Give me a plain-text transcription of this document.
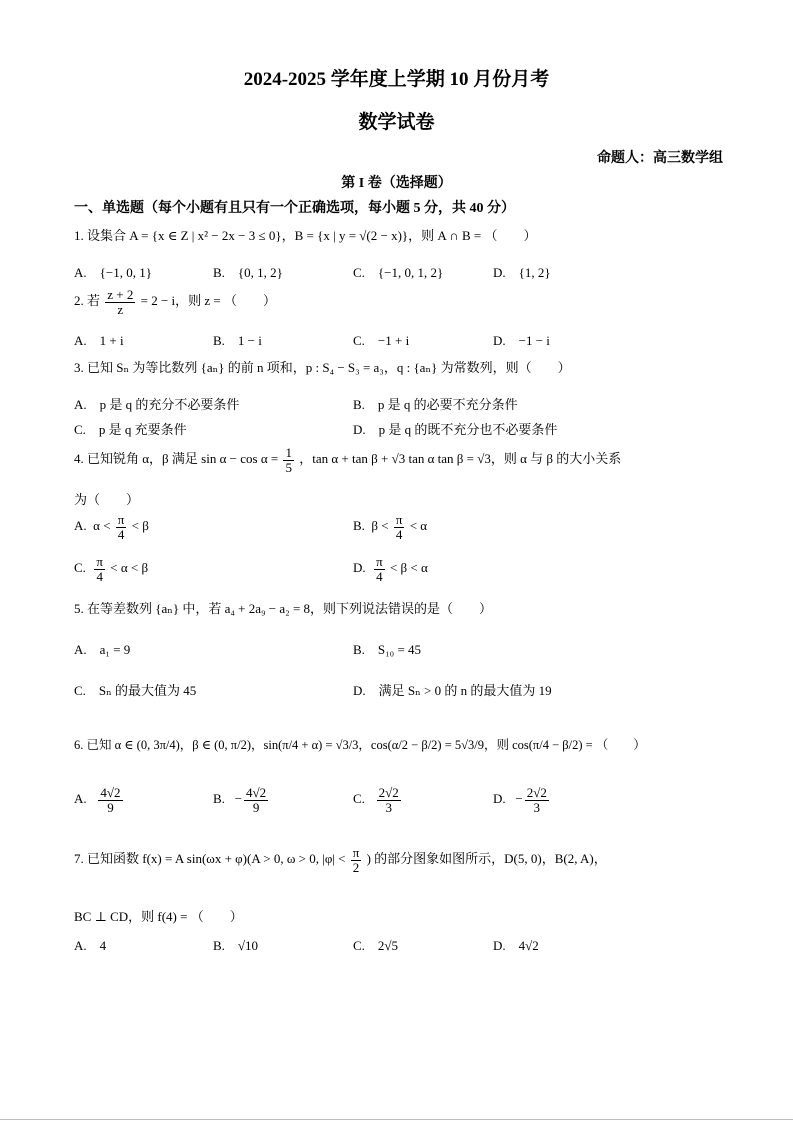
2024-2025 学年度上学期 10 月份月考
数学试卷
命题人：高三数学组
第 I 卷（选择题）
一、单选题（每个小题有且只有一个正确选项，每小题 5 分，共 40 分）
1. 设集合 A = {x ∈ Z | x² − 2x − 3 ≤ 0}，B = {x | y = √(2 − x)}，则 A ∩ B = （　　）
A.　{−1, 0, 1}	B.　{0, 1, 2}	C.　{−1, 0, 1, 2}	D.　{1, 2}
2. 若 $\frac{z + 2}{z} = 2 - i$，则 z = （　　）
A.　1 + i	B.　1 − i	C.　−1 + i	D.　−1 − i
3. 已知 Sₙ 为等比数列 {aₙ} 的前 n 项和，p : S₄ − S₃ = a₃，q : {aₙ} 为常数列，则（　　）
A.　p 是 q 的充分不必要条件	B.　p 是 q 的必要不充分条件
C.　p 是 q 充要条件	D.　p 是 q 的既不充分也不必要条件
4. 已知锐角 α，β 满足 $\sin \alpha - \cos \alpha = \frac{1}{5}$ ，tan α + tan β + √3 tan α tan β = √3，则 α 与 β 的大小关系
为（　　）
A. $\alpha < \frac{\pi}{4} < \beta$	B. $\beta < \frac{\pi}{4} < \alpha$
C. $\frac{\pi}{4} < \alpha < \beta$	D. $\frac{\pi}{4} < \beta < \alpha$
5. 在等差数列 {aₙ} 中，若 a₄ + 2a₉ − a₂ = 8，则下列说法错误的是（　　）
A.　a₁ = 9	B.　S₁₀ = 45
C.　Sₙ 的最大值为 45	D.　满足 Sₙ > 0 的 n 的最大值为 19
6. 已知 α ∈ (0, 3π/4)，β ∈ (0, π/2)，sin(π/4 + α) = √3/3，cos(α/2 − β/2) = 5√3/9，则 cos(π/4 − β/2) = （　　）
A. $\frac{4√2}{9}$	B. − $\frac{4√2}{9}$	C. $\frac{2√2}{3}$	D. − $\frac{2√2}{3}$
7. 已知函数 f(x) = A sin(ωx + φ)(A > 0, ω > 0, $|\varphi| < \frac{\pi}{2}$ ) 的部分图象如图所示，D(5, 0)，B(2, A)，
BC ⊥ CD，则 f(4) = （　　）
A.　4	B.　√10	C.　2√5	D.　4√2
